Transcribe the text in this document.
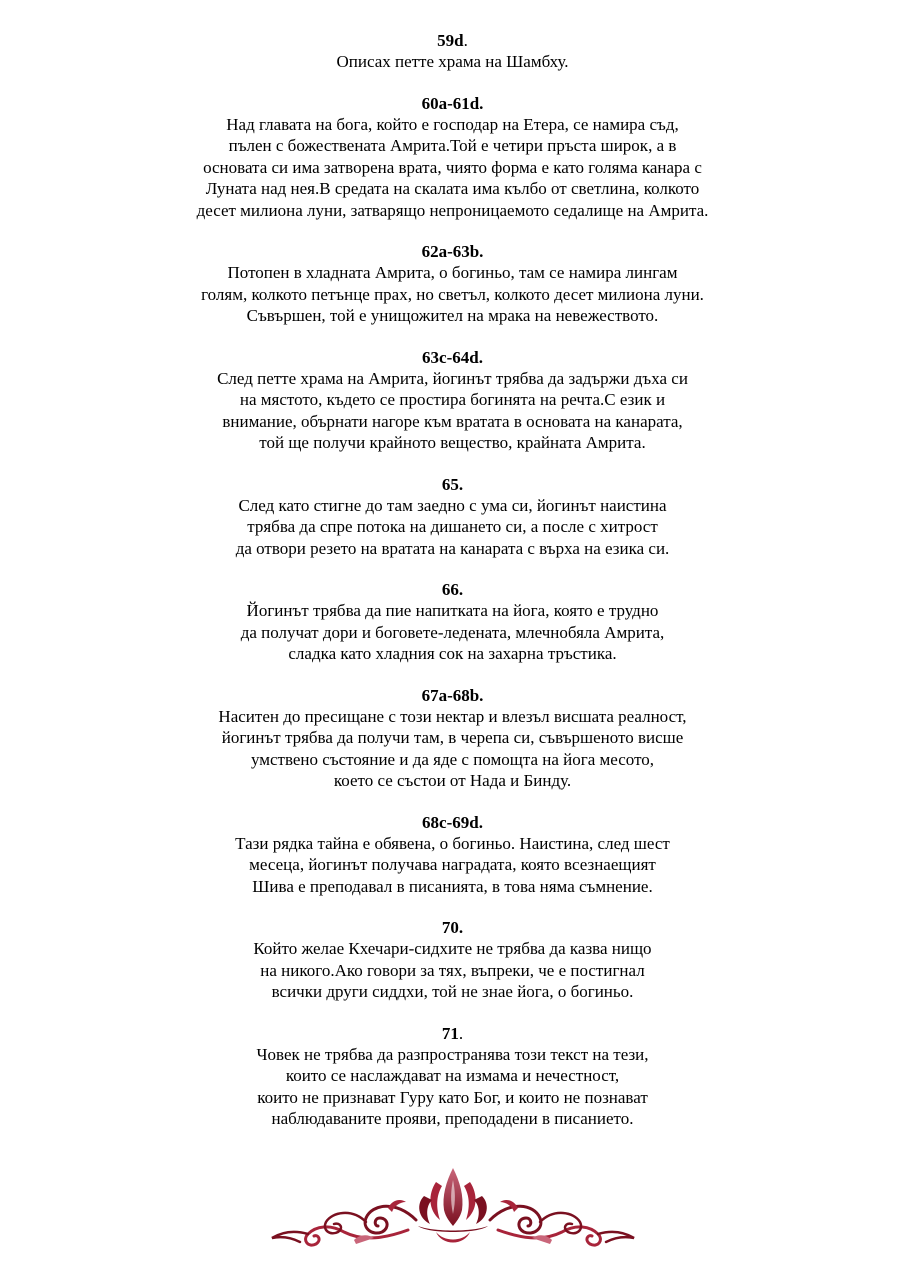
59d.
Описах петте храма на Шамбху.
60a-61d.
Над главата на бога, който е господар на Етера, се намира съд,
пълен с божествената Амрита.Той е четири пръста широк, а в
основата си има затворена врата, чиято форма е като голяма канара с
Луната над нея.В средата на скалата има кълбо от светлина, колкото
десет милиона луни, затварящо непроницаемото седалище на Амрита.
62a-63b.
Потопен в хладната Амрита, о богиньо, там се намира лингам
голям, колкото петънце прах, но светъл, колкото десет милиона луни.
Съвършен, той е унищожител на мрака на невежеството.
63c-64d.
След петте храма на Амрита, йогинът трябва да задържи дъха си
на мястото, където се простира богинята на речта.С език и
внимание, обърнати нагоре към вратата в основата на канарата,
той ще получи крайното вещество, крайната Амрита.
65.
След като стигне до там заедно с ума си, йогинът наистина
трябва да спре потока на дишането си, а после с хитрост
да отвори резето на вратата на канарата с върха на езика си.
66.
Йогинът трябва да пие напитката на йога, която е трудно
да получат дори и боговете-ледената, млечнобяла Амрита,
сладка като хладния сок на захарна тръстика.
67a-68b.
Наситен до пресищане с този нектар и влезъл висшата реалност,
йогинът трябва да получи там, в черепа си, съвършеното висше
умствено състояние и да яде с помощта на йога месото,
което се състои от Нада и Бинду.
68c-69d.
Тази рядка тайна е обявена, о богиньо. Наистина, след шест
месеца, йогинът получава наградата, която всезнаещият
Шива е преподавал в писанията, в това няма съмнение.
70.
Който желае Кхечари-сидхите не трябва да казва нищо
на никого.Ако говори за тях, въпреки, че е постигнал
всички други сиддхи, той не знае йога, о богиньо.
71.
Човек не трябва да разпространява този текст на тези,
които се наслаждават на измама и нечестност,
които не признават Гуру като Бог, и които не познават
наблюдаваните прояви, преподадени в писанието.
